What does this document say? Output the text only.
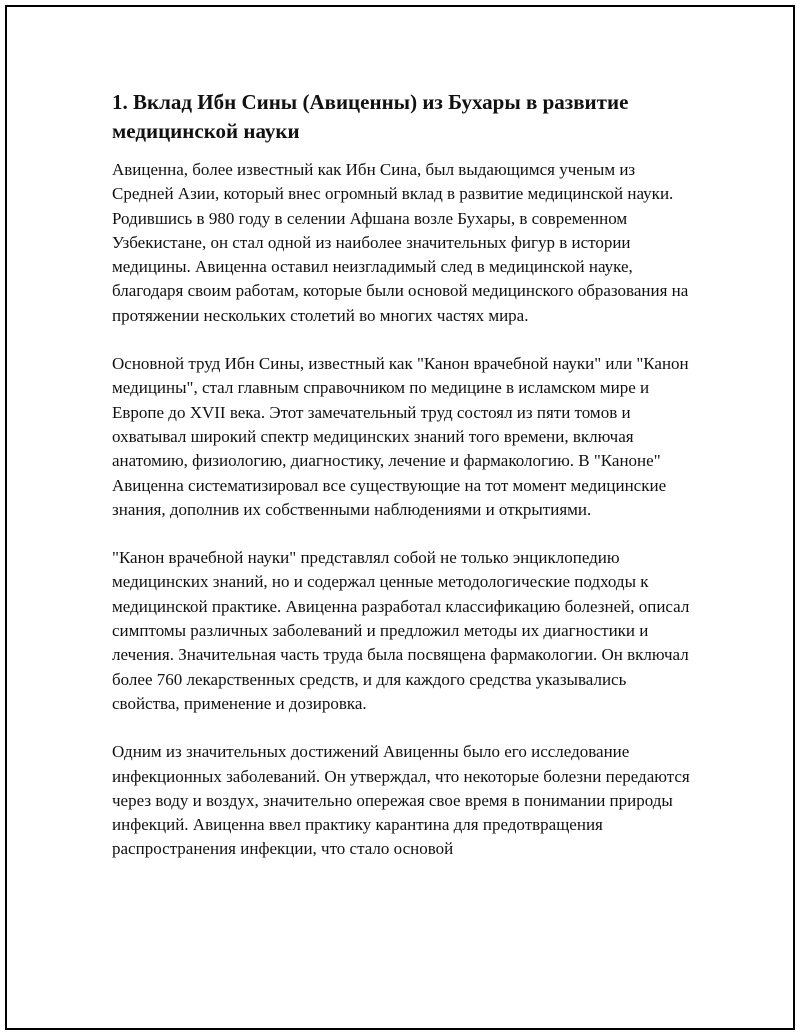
1. Вклад Ибн Сины (Авиценны) из Бухары в развитие медицинской науки

Авиценна, более известный как Ибн Сина, был выдающимся ученым из Средней Азии, который внес огромный вклад в развитие медицинской науки. Родившись в 980 году в селении Афшана возле Бухары, в современном Узбекистане, он стал одной из наиболее значительных фигур в истории медицины. Авиценна оставил неизгладимый след в медицинской науке, благодаря своим работам, которые были основой медицинского образования на протяжении нескольких столетий во многих частях мира.

Основной труд Ибн Сины, известный как "Канон врачебной науки" или "Канон медицины", стал главным справочником по медицине в исламском мире и Европе до XVII века. Этот замечательный труд состоял из пяти томов и охватывал широкий спектр медицинских знаний того времени, включая анатомию, физиологию, диагностику, лечение и фармакологию. В "Каноне" Авиценна систематизировал все существующие на тот момент медицинские знания, дополнив их собственными наблюдениями и открытиями.

"Канон врачебной науки" представлял собой не только энциклопедию медицинских знаний, но и содержал ценные методологические подходы к медицинской практике. Авиценна разработал классификацию болезней, описал симптомы различных заболеваний и предложил методы их диагностики и лечения. Значительная часть труда была посвящена фармакологии. Он включал более 760 лекарственных средств, и для каждого средства указывались свойства, применение и дозировка.

Одним из значительных достижений Авиценны было его исследование инфекционных заболеваний. Он утверждал, что некоторые болезни передаются через воду и воздух, значительно опережая свое время в понимании природы инфекций. Авиценна ввел практику карантина для предотвращения распространения инфекции, что стало основой
